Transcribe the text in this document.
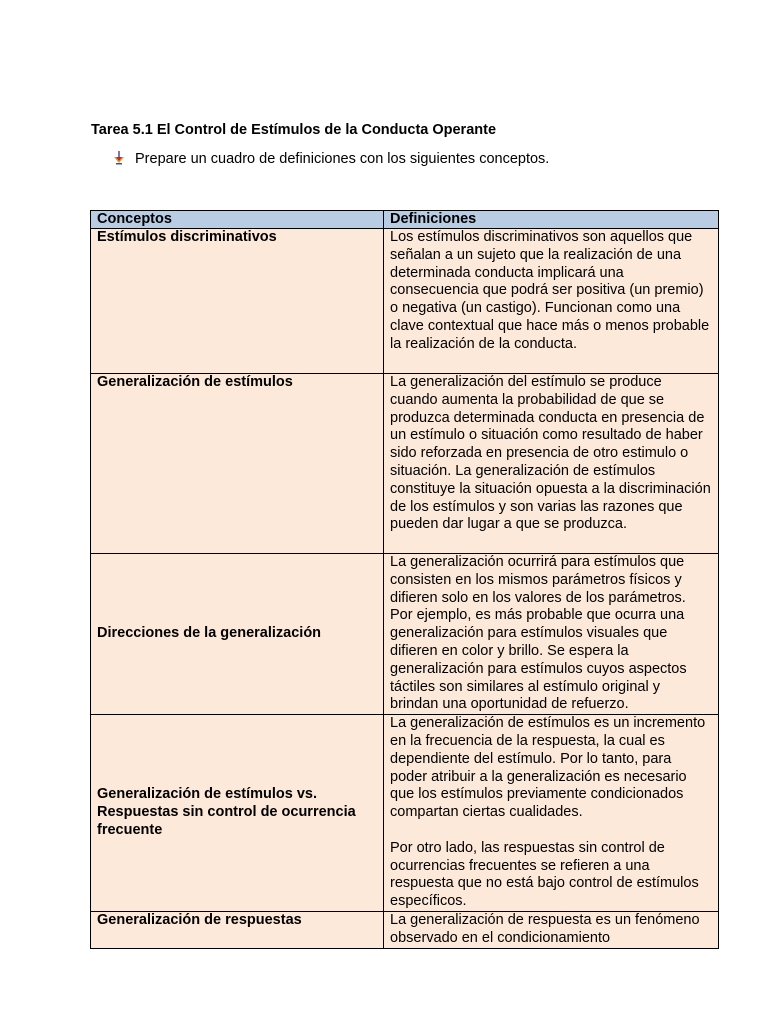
Tarea 5.1 El Control de Estímulos de la Conducta Operante
Prepare un cuadro de definiciones con los siguientes conceptos.
Conceptos	Definiciones
Estímulos discriminativos	Los estímulos discriminativos son aquellos que señalan a un sujeto que la realización de una determinada conducta implicará una consecuencia que podrá ser positiva (un premio) o negativa (un castigo). Funcionan como una clave contextual que hace más o menos probable la realización de la conducta.
Generalización de estímulos	La generalización del estímulo se produce cuando aumenta la probabilidad de que se produzca determinada conducta en presencia de un estímulo o situación como resultado de haber sido reforzada en presencia de otro estimulo o situación. La generalización de estímulos constituye la situación opuesta a la discriminación de los estímulos y son varias las razones que pueden dar lugar a que se produzca.
Direcciones de la generalización	La generalización ocurrirá para estímulos que consisten en los mismos parámetros físicos y difieren solo en los valores de los parámetros. Por ejemplo, es más probable que ocurra una generalización para estímulos visuales que difieren en color y brillo. Se espera la generalización para estímulos cuyos aspectos táctiles son similares al estímulo original y brindan una oportunidad de refuerzo.
Generalización de estímulos vs. Respuestas sin control de ocurrencia frecuente	La generalización de estímulos es un incremento en la frecuencia de la respuesta, la cual es dependiente del estímulo. Por lo tanto, para poder atribuir a la generalización es necesario que los estímulos previamente condicionados compartan ciertas cualidades.
Por otro lado, las respuestas sin control de ocurrencias frecuentes se refieren a una respuesta que no está bajo control de estímulos específicos.

Generalización de respuestas	La generalización de respuesta es un fenómeno observado en el condicionamiento
